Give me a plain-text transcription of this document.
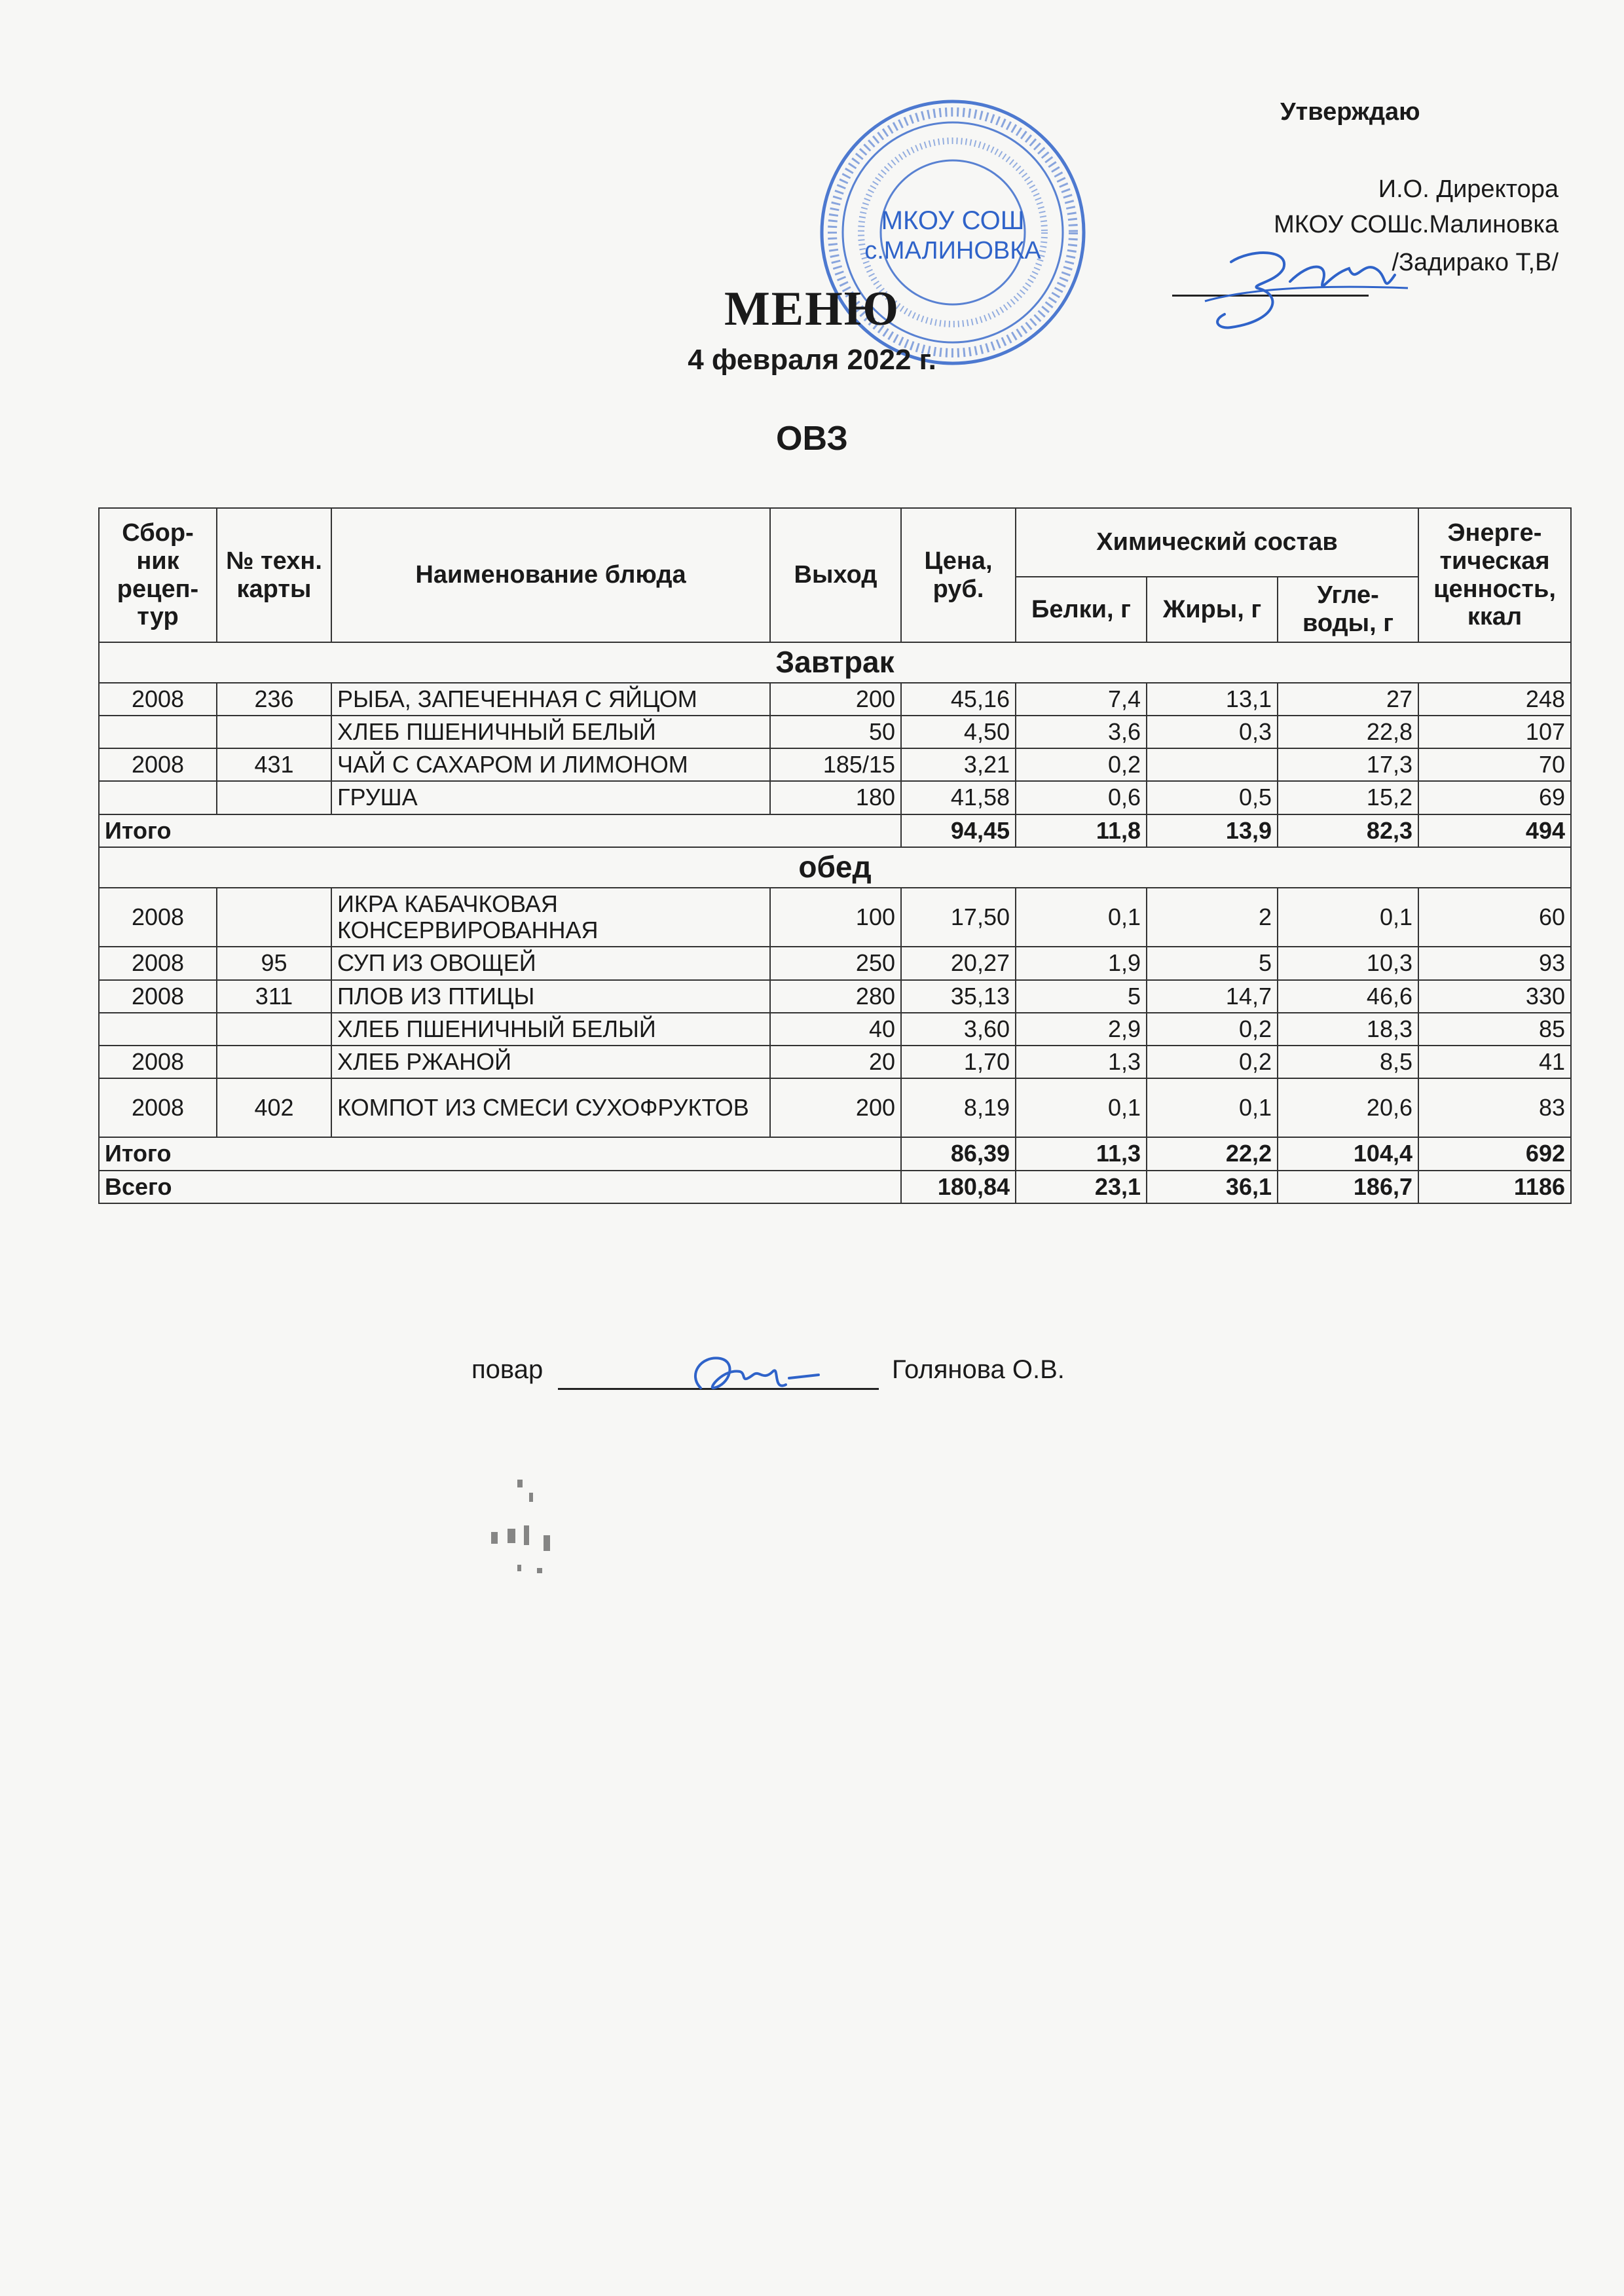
Утверждаю
И.О. Директора
МКОУ СОШс.Малиновка
/Задирако Т,В/
МКОУ СОШ
с.МАЛИНОВКА
МЕНЮ
4 февраля 2022 г.
ОВЗ
Сбор-ник рецеп-тур	№ техн. карты	Наименование блюда	Выход	Цена, руб.	Химический состав			Энерге-тическая ценность, ккал
					Белки, г	Жиры, г	Угле-воды, г	
Завтрак								
2008	236	РЫБА, ЗАПЕЧЕННАЯ С ЯЙЦОМ	200	45,16	7,4	13,1	27	248
		ХЛЕБ ПШЕНИЧНЫЙ БЕЛЫЙ	50	4,50	3,6	0,3	22,8	107
2008	431	ЧАЙ С САХАРОМ И ЛИМОНОМ	185/15	3,21	0,2		17,3	70
		ГРУША	180	41,58	0,6	0,5	15,2	69
Итого				94,45	11,8	13,9	82,3	494
обед								
2008		ИКРА КАБАЧКОВАЯ КОНСЕРВИРОВАННАЯ	100	17,50	0,1	2	0,1	60
2008	95	СУП ИЗ ОВОЩЕЙ	250	20,27	1,9	5	10,3	93
2008	311	ПЛОВ ИЗ ПТИЦЫ	280	35,13	5	14,7	46,6	330
		ХЛЕБ ПШЕНИЧНЫЙ БЕЛЫЙ	40	3,60	2,9	0,2	18,3	85
2008		ХЛЕБ РЖАНОЙ	20	1,70	1,3	0,2	8,5	41
2008	402	КОМПОТ ИЗ СМЕСИ СУХОФРУКТОВ	200	8,19	0,1	0,1	20,6	83
Итого				86,39	11,3	22,2	104,4	692
Всего				180,84	23,1	36,1	186,7	1186
повар	Голянова О.В.
